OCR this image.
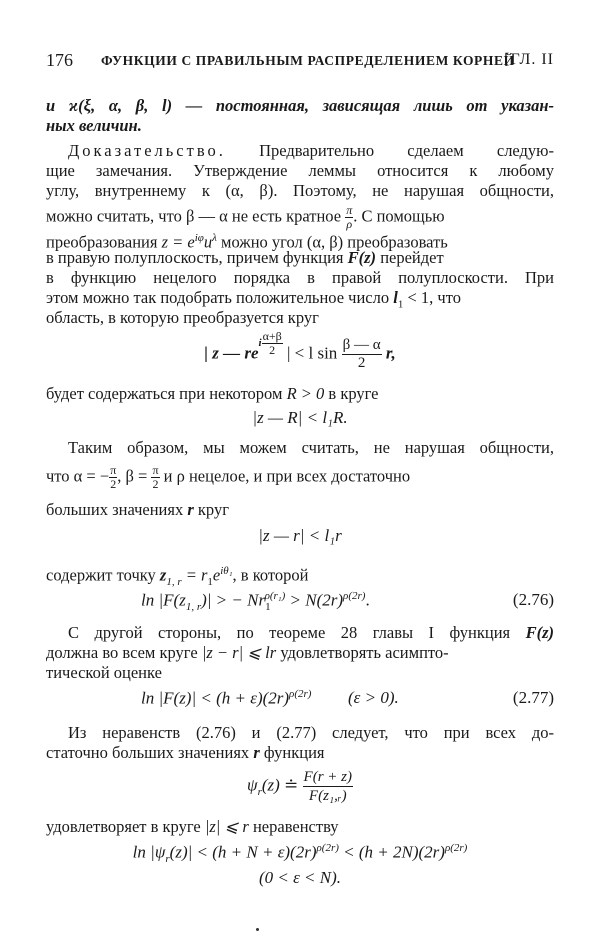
176 ФУНКЦИИ С ПРАВИЛЬНЫМ РАСПРЕДЕЛЕНИЕМ КОРНЕЙ
[ГЛ. II
и ϰ(ξ, α, β, l) — постоянная, зависящая лишь от указан-
ных величин.
Доказательство. Предварительно сделаем следую-
щие замечания. Утверждение леммы относится к любому
углу, внутреннему к (α, β). Поэтому, не нарушая общности,
можно считать, что β — α не есть кратное $\frac{\pi}{\rho}$ . С помощью
преобразования $z = e^{i\varphi}u^\lambda$ можно угол (α, β) преобразовать
в правую полуплоскость, причем функция F(z) перейдет
в функцию нецелого порядка в правой полуплоскости. При
этом можно так подобрать положительное число $l_1 < 1$, что
область, в которую преобразуется круг
| z — $re^{i \frac{\alpha+\beta}{2}}$ | < l $\sin \frac{\beta — \alpha}{2} r$,
будет содержаться при некотором R > 0 в круге
|z — R| < l₁R.
Таким образом, мы можем считать, не нарушая общности,
что α = − $\frac{\pi}{2}$ , $\beta = \frac{\pi}{2}$ и ρ нецелое, и при всех достаточно
больших значениях r круг
|z — r| < l₁r
содержит точку $z_{1, r} = r_1e^{i\theta_1}$, в которой
$\ln |F(z_{1, r})|$ > − $Nr_1^{\rho(r_1)} > N(2r)^{\rho(2r)}$.	(2.76)
С другой стороны, по теореме 28 главы I функция F(z)
должна во всем круге |z − r| ⩽ lr удовлетворять асимпто-
тической оценке
$\ln |F(z)| < (h + \varepsilon)(2r)^{\rho(2r)}$ (ε > 0).	(2.77)
Из неравенств (2.76) и (2.77) следует, что при всех до-
статочно больших значениях r функция
$\psi_r(z)$ ≐ $\frac{F(r + z)}{\text{F(z₁,ᵣ)}}$
удовлетворяет в круге |z| ⩽ r неравенству
$\ln |\psi_r(z)| < (h + N + \varepsilon)(2r)^{\rho(2r)} < (h + 2N)(2r)^{\rho(2r)}$
(0 < ε < N).
